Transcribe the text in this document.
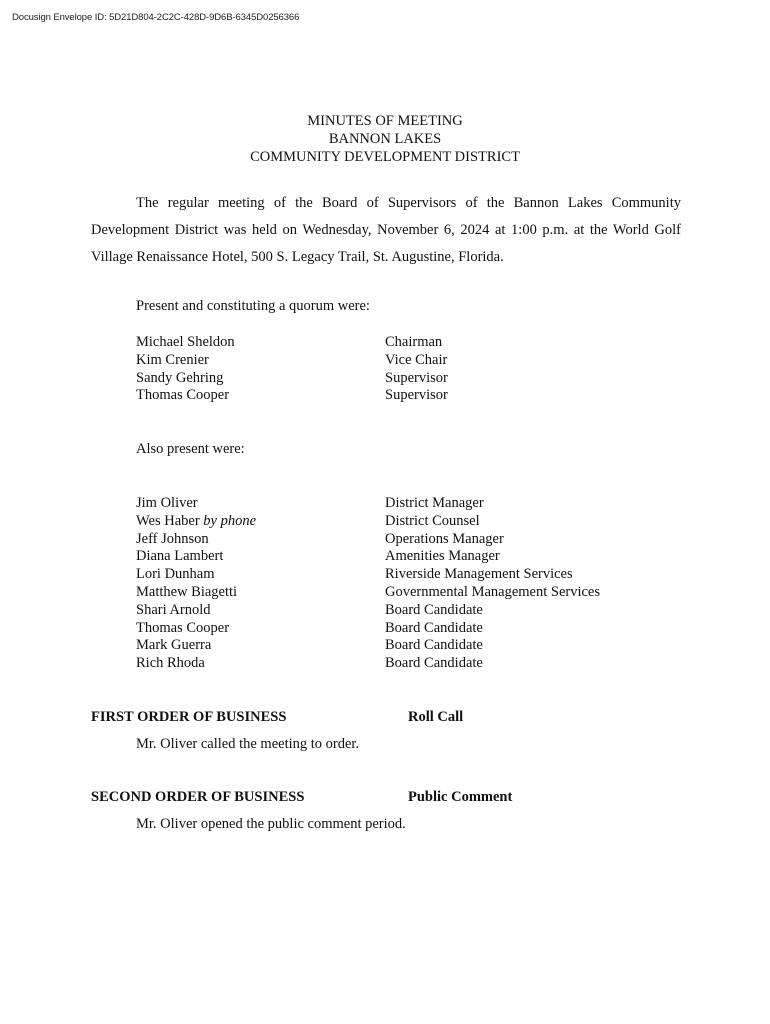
Docusign Envelope ID: 5D21D804-2C2C-428D-9D6B-6345D0256366
MINUTES OF MEETING
BANNON LAKES
COMMUNITY DEVELOPMENT DISTRICT
The regular meeting of the Board of Supervisors of the Bannon Lakes Community Development District was held on Wednesday, November 6, 2024 at 1:00 p.m. at the World Golf Village Renaissance Hotel, 500 S. Legacy Trail, St. Augustine, Florida.
Present and constituting a quorum were:
Michael Sheldon	Chairman
Kim Crenier	Vice Chair
Sandy Gehring	Supervisor
Thomas Cooper	Supervisor
Also present were:
Jim Oliver	District Manager
Wes Haber by phone	District Counsel
Jeff Johnson	Operations Manager
Diana Lambert	Amenities Manager
Lori Dunham	Riverside Management Services
Matthew Biagetti	Governmental Management Services
Shari Arnold	Board Candidate
Thomas Cooper	Board Candidate
Mark Guerra	Board Candidate
Rich Rhoda	Board Candidate
FIRST ORDER OF BUSINESS	Roll Call
Mr. Oliver called the meeting to order.
SECOND ORDER OF BUSINESS	Public Comment
Mr. Oliver opened the public comment period.
